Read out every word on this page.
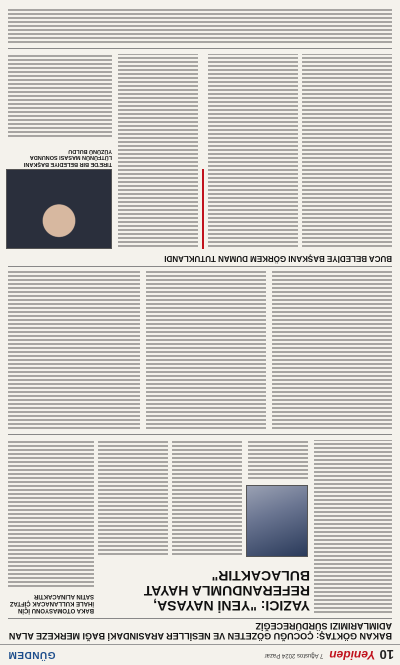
10
Yeniden
7 Ağustos 2024 Pazar
GÜNDEM
BAKAN GÖKTAŞ: ÇOCUĞU GÖZETEN VE NESİLLER ARASINDAKİ BAĞI MERKEZE ALAN ADIMLARIMIZI SÜRDÜRECEĞİZ
YAZICI: "YENİ NAYASA, REFERANDUMLA HAYAT BULACAKTIR"
BAKA OTOMASYONU İÇİN İHALE KULLANACAK ÇİFTAZ SATIN ALINACAKTIR
BUCA BELEDİYE BAŞKANI GÖRKEM DUMAN TUTUKLANDI
TIRE'DE BIR BELEDIYE BAŞKANI LÜTFÜNÜN MASASI SONUNDA YÜZÜNÜ BULDU
